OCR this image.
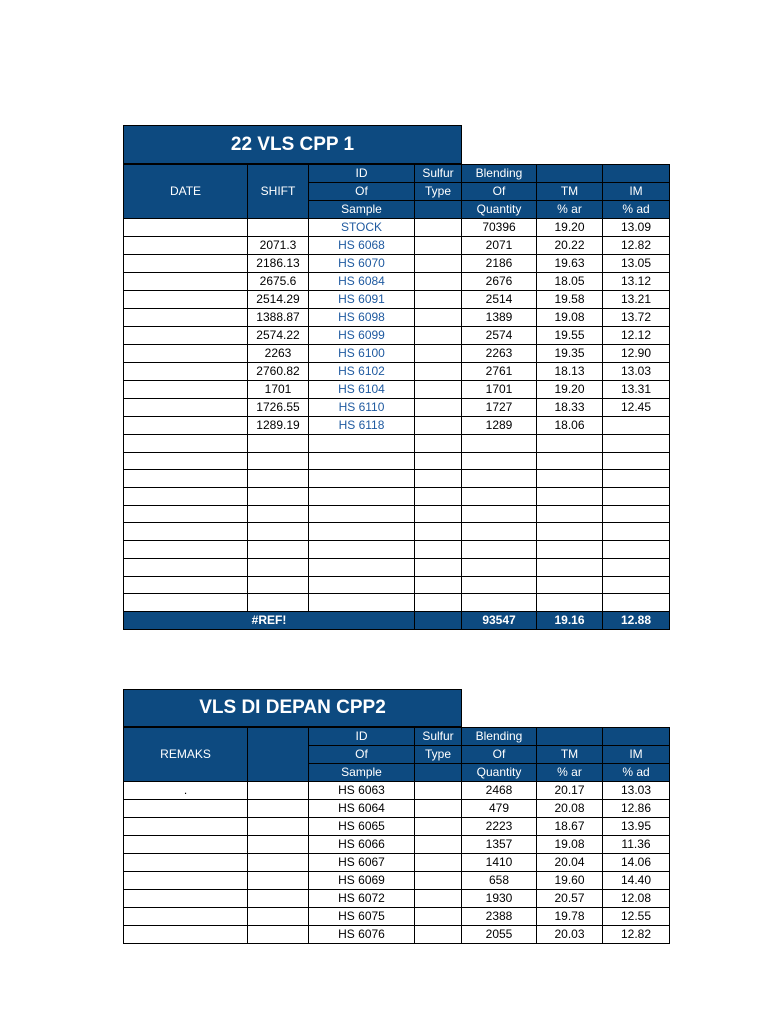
22 VLS CPP 1
DATE	SHIFT	ID	Sulfur	Blending		
		Of	Type	Of	TM	IM
		Sample		Quantity	% ar	% ad
		STOCK		70396	19.20	13.09
	2071.3	HS 6068		2071	20.22	12.82
	2186.13	HS 6070		2186	19.63	13.05
	2675.6	HS 6084		2676	18.05	13.12
	2514.29	HS 6091		2514	19.58	13.21
	1388.87	HS 6098		1389	19.08	13.72
	2574.22	HS 6099		2574	19.55	12.12
	2263	HS 6100		2263	19.35	12.90
	2760.82	HS 6102		2761	18.13	13.03
	1701	HS 6104		1701	19.20	13.31
	1726.55	HS 6110		1727	18.33	12.45
	1289.19	HS 6118		1289	18.06	

#REF!				93547	19.16	12.88
VLS DI DEPAN CPP2
REMAKS		ID	Sulfur	Blending		
		Of	Type	Of	TM	IM
		Sample		Quantity	% ar	% ad
.		HS 6063		2468	20.17	13.03
		HS 6064		479	20.08	12.86
		HS 6065		2223	18.67	13.95
		HS 6066		1357	19.08	11.36
		HS 6067		1410	20.04	14.06
		HS 6069		658	19.60	14.40
		HS 6072		1930	20.57	12.08
		HS 6075		2388	19.78	12.55
		HS 6076		2055	20.03	12.82
